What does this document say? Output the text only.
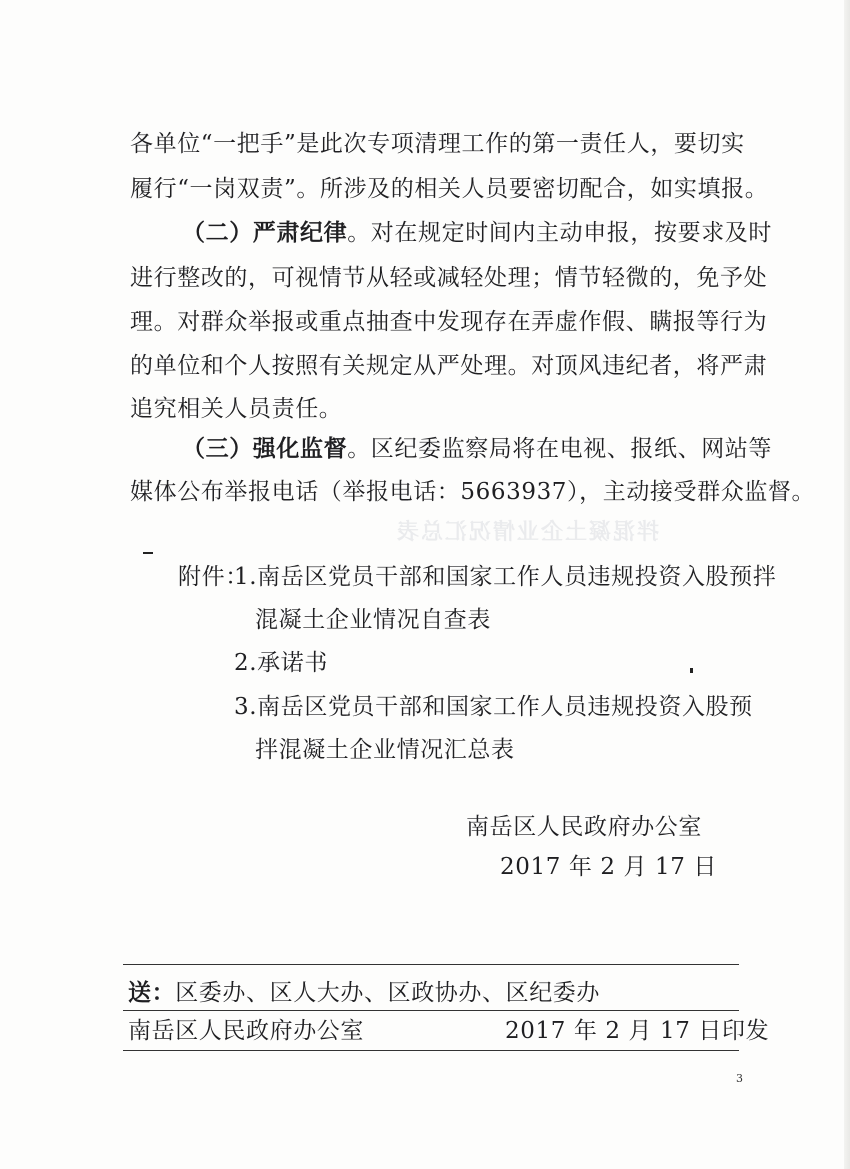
拌混凝土企业情况汇总表
各单位“一把手”是此次专项清理工作的第一责任人，要切实
履行“一岗双责”。所涉及的相关人员要密切配合，如实填报。
（二）严肃纪律。对在规定时间内主动申报，按要求及时
进行整改的，可视情节从轻或减轻处理；情节轻微的，免予处
理。对群众举报或重点抽查中发现存在弄虚作假、瞒报等行为
的单位和个人按照有关规定从严处理。对顶风违纪者，将严肃
追究相关人员责任。
（三）强化监督。区纪委监察局将在电视、报纸、网站等
媒体公布举报电话（举报电话：5663937），主动接受群众监督。
附件：
1.南岳区党员干部和国家工作人员违规投资入股预拌
混凝土企业情况自查表
2.承诺书
3.南岳区党员干部和国家工作人员违规投资入股预
拌混凝土企业情况汇总表
南岳区人民政府办公室
2017 年 2 月 17 日
送：区委办、区人大办、区政协办、区纪委办
南岳区人民政府办公室	2017 年 2 月 17 日印发
3
